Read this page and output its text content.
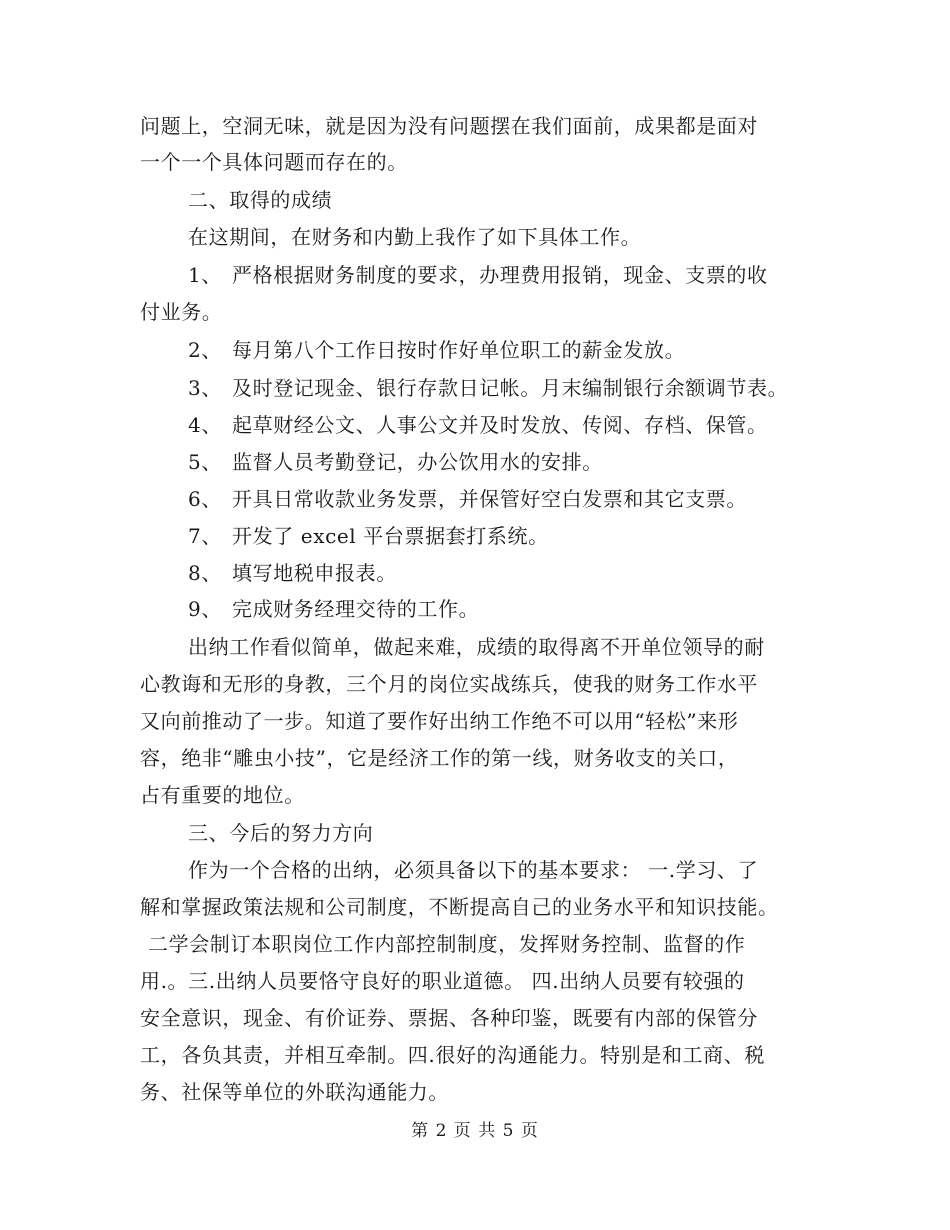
问题上，空洞无味，就是因为没有问题摆在我们面前，成果都是面对
一个一个具体问题而存在的。
二、取得的成绩
在这期间，在财务和内勤上我作了如下具体工作。
1、 严格根据财务制度的要求，办理费用报销，现金、支票的收
付业务。
2、 每月第八个工作日按时作好单位职工的薪金发放。
3、 及时登记现金、银行存款日记帐。月末编制银行余额调节表。
4、 起草财经公文、人事公文并及时发放、传阅、存档、保管。
5、 监督人员考勤登记，办公饮用水的安排。
6、 开具日常收款业务发票，并保管好空白发票和其它支票。
7、 开发了 excel 平台票据套打系统。
8、 填写地税申报表。
9、 完成财务经理交待的工作。
出纳工作看似简单，做起来难，成绩的取得离不开单位领导的耐
心教诲和无形的身教，三个月的岗位实战练兵，使我的财务工作水平
又向前推动了一步。知道了要作好出纳工作绝不可以用“轻松”来形
容，绝非“雕虫小技”，它是经济工作的第一线，财务收支的关口，
占有重要的地位。
三、今后的努力方向
作为一个合格的出纳，必须具备以下的基本要求： 一.学习、了
解和掌握政策法规和公司制度，不断提高自己的业务水平和知识技能。
二学会制订本职岗位工作内部控制制度，发挥财务控制、监督的作
用.。三.出纳人员要恪守良好的职业道德。 四.出纳人员要有较强的
安全意识，现金、有价证券、票据、各种印鉴，既要有内部的保管分
工，各负其责，并相互牵制。四.很好的沟通能力。特别是和工商、税
务、社保等单位的外联沟通能力。
第 2 页 共 5 页
